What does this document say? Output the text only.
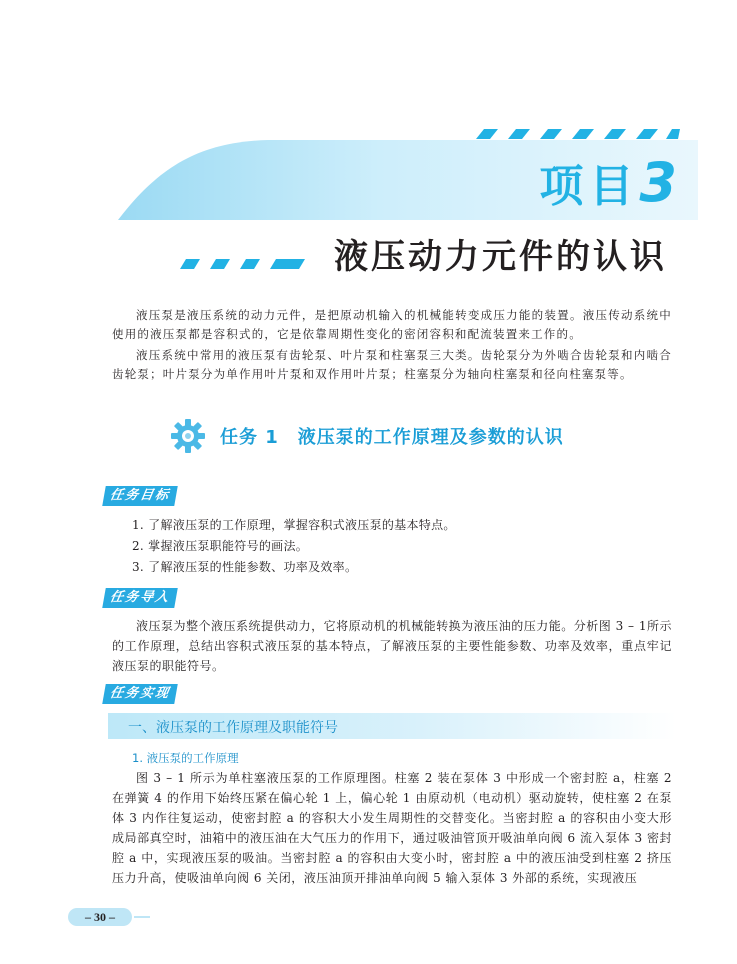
项目3
液压动力元件的认识

液压泵是液压系统的动力元件，是把原动机输入的机械能转变成压力能的装置。液压传动系统中使用的液压泵都是容积式的，它是依靠周期性变化的密闭容积和配流装置来工作的。

液压系统中常用的液压泵有齿轮泵、叶片泵和柱塞泵三大类。齿轮泵分为外啮合齿轮泵和内啮合齿轮泵；叶片泵分为单作用叶片泵和双作用叶片泵；柱塞泵分为轴向柱塞泵和径向柱塞泵等。

任务 1　液压泵的工作原理及参数的认识
任务目标
1. 了解液压泵的工作原理，掌握容积式液压泵的基本特点。
2. 掌握液压泵职能符号的画法。
3. 了解液压泵的性能参数、功率及效率。
任务导入

液压泵为整个液压系统提供动力，它将原动机的机械能转换为液压油的压力能。分析图 3 – 1所示的工作原理，总结出容积式液压泵的基本特点，了解液压泵的主要性能参数、功率及效率，重点牢记液压泵的职能符号。

任务实现
一、液压泵的工作原理及职能符号
1. 液压泵的工作原理

图 3 – 1 所示为单柱塞液压泵的工作原理图。柱塞 2 装在泵体 3 中形成一个密封腔 a，柱塞 2 在弹簧 4 的作用下始终压紧在偏心轮 1 上，偏心轮 1 由原动机（电动机）驱动旋转，使柱塞 2 在泵体 3 内作往复运动，使密封腔 a 的容积大小发生周期性的交替变化。当密封腔 a 的容积由小变大形成局部真空时，油箱中的液压油在大气压力的作用下，通过吸油管顶开吸油单向阀 6 流入泵体 3 密封腔 a 中，实现液压泵的吸油。当密封腔 a 的容积由大变小时，密封腔 a 中的液压油受到柱塞 2 挤压压力升高，使吸油单向阀 6 关闭，液压油顶开排油单向阀 5 输入泵体 3 外部的系统，实现液压

– 30 –
